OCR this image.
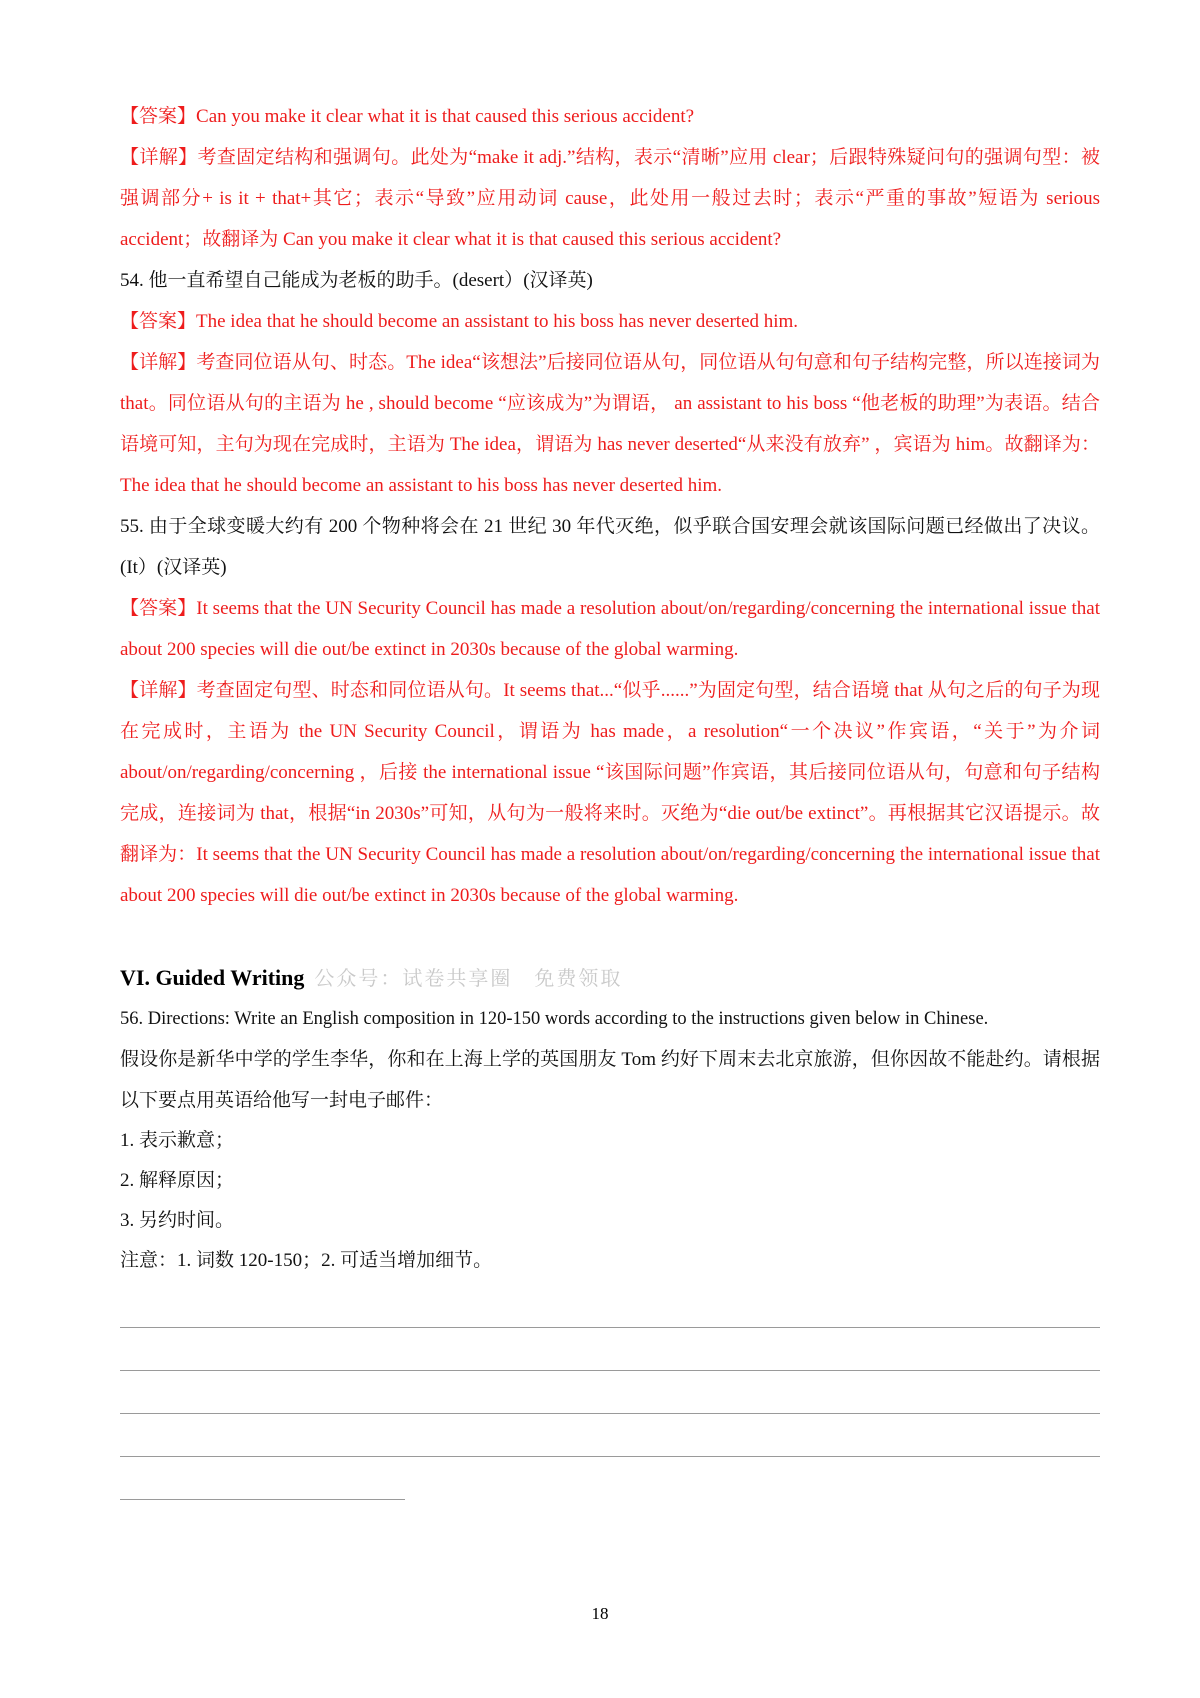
【答案】Can you make it clear what it is that caused this serious accident?

【详解】考查固定结构和强调句。此处为“make it adj.”结构，表示“清晰”应用 clear；后跟特殊疑问句的强调句型：被强调部分+ is it + that+其它；表示“导致”应用动词 cause，此处用一般过去时；表示“严重的事故”短语为 serious accident；故翻译为 Can you make it clear what it is that caused this serious accident?

54. 他一直希望自己能成为老板的助手。(desert）(汉译英)

【答案】The idea that he should become an assistant to his boss has never deserted him.

【详解】考查同位语从句、时态。The idea“该想法”后接同位语从句，同位语从句句意和句子结构完整，所以连接词为 that。同位语从句的主语为 he , should become “应该成为”为谓语， an assistant to his boss “他老板的助理”为表语。结合语境可知，主句为现在完成时，主语为 The idea，谓语为 has never deserted“从来没有放弃” ，宾语为 him。故翻译为：The idea that he should become an assistant to his boss has never deserted him.

55. 由于全球变暖大约有 200 个物种将会在 21 世纪 30 年代灭绝，似乎联合国安理会就该国际问题已经做出了决议。(It）(汉译英)

【答案】It seems that the UN Security Council has made a resolution about/on/regarding/concerning the international issue that about 200 species will die out/be extinct in 2030s because of the global warming.

【详解】考查固定句型、时态和同位语从句。It seems that...“似乎......”为固定句型，结合语境 that 从句之后的句子为现在完成时，主语为 the UN Security Council，谓语为 has made，a resolution“一个决议”作宾语，“关于”为介词 about/on/regarding/concerning ，后接 the international issue “该国际问题”作宾语，其后接同位语从句，句意和句子结构完成，连接词为 that，根据“in 2030s”可知，从句为一般将来时。灭绝为“die out/be extinct”。再根据其它汉语提示。故翻译为：It seems that the UN Security Council has made a resolution about/on/regarding/concerning the international issue that about 200 species will die out/be extinct in 2030s because of the global warming.

VI. Guided Writing 公众号：试卷共享圈　免费领取

56. Directions: Write an English composition in 120-150 words according to the instructions given below in Chinese.

假设你是新华中学的学生李华，你和在上海上学的英国朋友 Tom 约好下周末去北京旅游，但你因故不能赴约。请根据以下要点用英语给他写一封电子邮件：

1. 表示歉意；

2. 解释原因；

3. 另约时间。

注意：1. 词数 120-150；2. 可适当增加细节。

18
